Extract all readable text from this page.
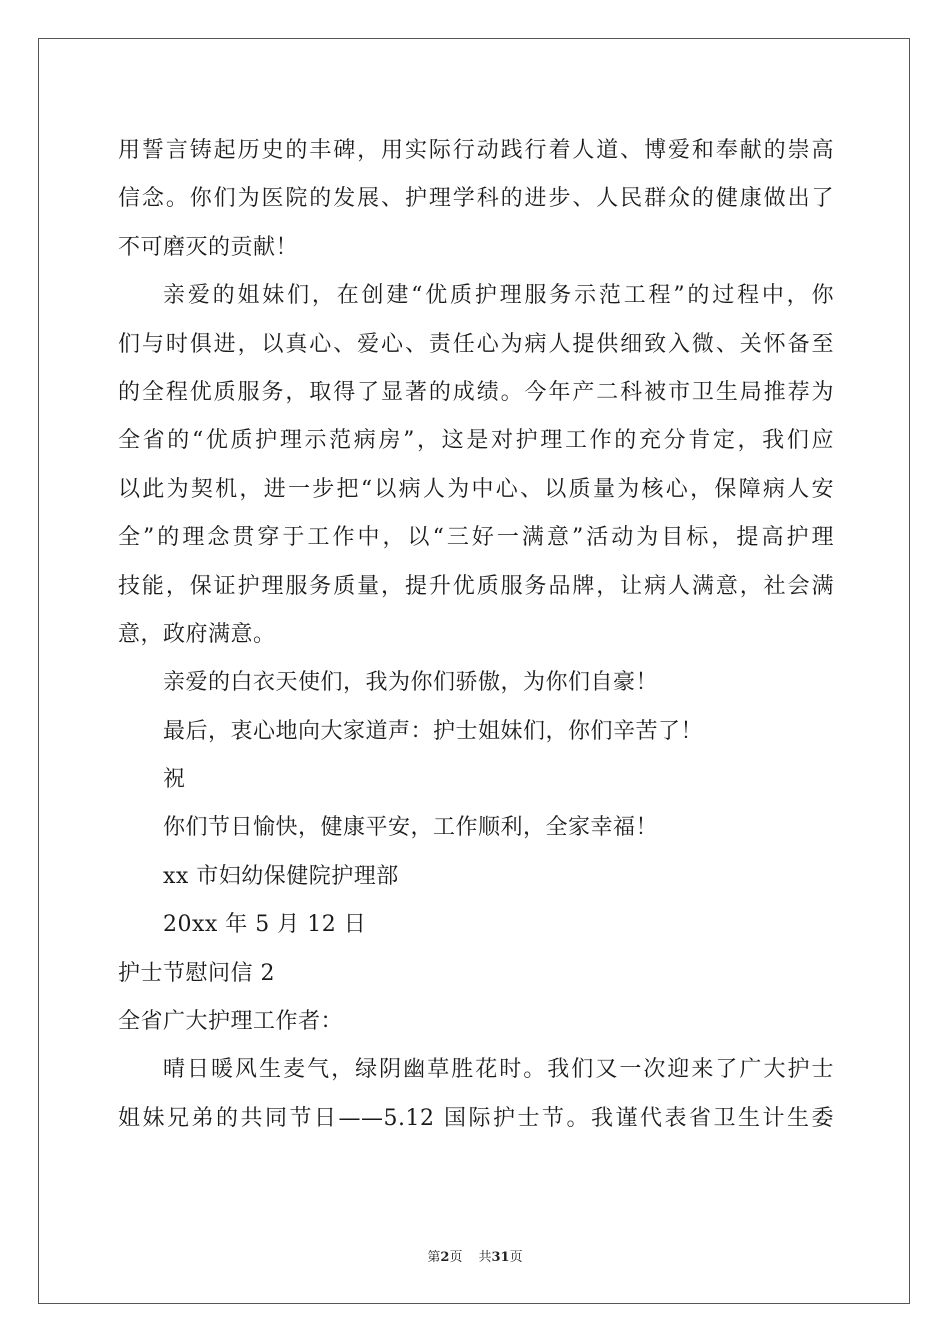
用誓言铸起历史的丰碑，用实际行动践行着人道、博爱和奉献的崇高
信念。你们为医院的发展、护理学科的进步、人民群众的健康做出了
不可磨灭的贡献！
亲爱的姐妹们，在创建“优质护理服务示范工程”的过程中，你
们与时俱进，以真心、爱心、责任心为病人提供细致入微、关怀备至
的全程优质服务，取得了显著的成绩。今年产二科被市卫生局推荐为
全省的“优质护理示范病房”，这是对护理工作的充分肯定，我们应
以此为契机，进一步把“以病人为中心、以质量为核心，保障病人安
全”的理念贯穿于工作中，以“三好一满意”活动为目标，提高护理
技能，保证护理服务质量，提升优质服务品牌，让病人满意，社会满
意，政府满意。
亲爱的白衣天使们，我为你们骄傲，为你们自豪！
最后，衷心地向大家道声：护士姐妹们，你们辛苦了！
祝
你们节日愉快，健康平安，工作顺利，全家幸福！
xx 市妇幼保健院护理部
20xx 年 5 月 12 日
护士节慰问信 2
全省广大护理工作者：
晴日暖风生麦气，绿阴幽草胜花时。我们又一次迎来了广大护士
姐妹兄弟的共同节日——5.12 国际护士节。我谨代表省卫生计生委
第2页 共31页
